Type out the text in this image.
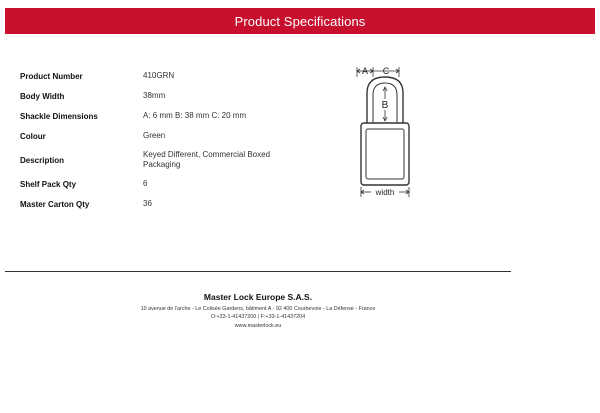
Product Specifications
Product Number	410GRN
Body Width	38mm
Shackle Dimensions	A: 6 mm B: 38 mm C: 20 mm
Colour	Green
Description	Keyed Different, Commercial Boxed Packaging
Shelf Pack Qty	6
Master Carton Qty	36
A C
B
width
Master Lock Europe S.A.S.
10 avenue de l'arche - Le Colisée Gardens, bâtiment A - 92 400 Courbevoie - La Défense - France
O:+33-1-41437200 | F:+33-1-41437204
www.masterlock.eu
